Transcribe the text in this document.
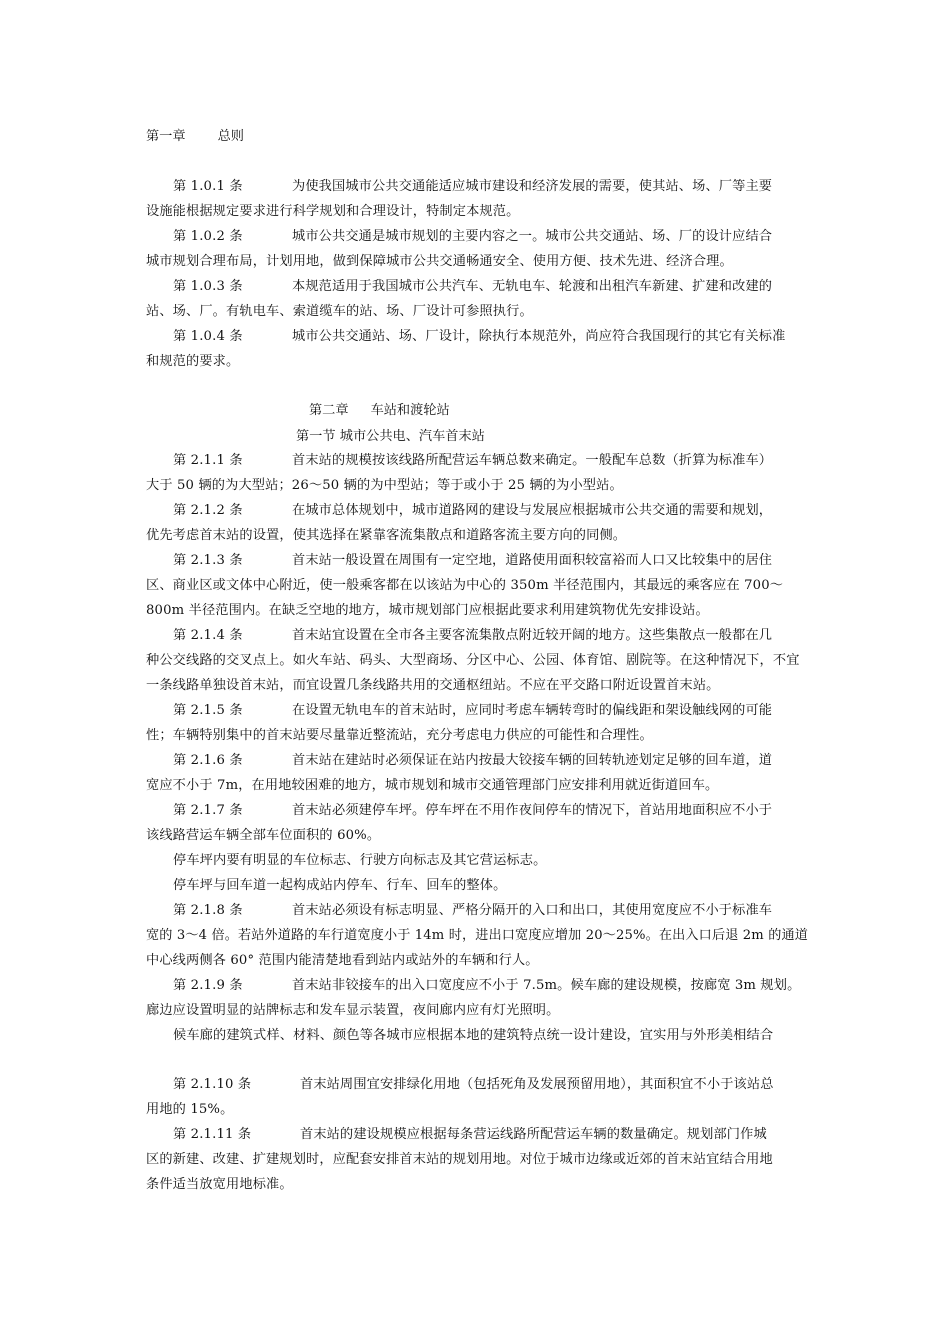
第一章 总则
第 1.0.1 条	为使我国城市公共交通能适应城市建设和经济发展的需要，使其站、场、厂等主要
设施能根据规定要求进行科学规划和合理设计，特制定本规范。
第 1.0.2 条	城市公共交通是城市规划的主要内容之一。城市公共交通站、场、厂的设计应结合
城市规划合理布局，计划用地，做到保障城市公共交通畅通安全、使用方便、技术先进、经济合理。
第 1.0.3 条	本规范适用于我国城市公共汽车、无轨电车、轮渡和出租汽车新建、扩建和改建的
站、场、厂。有轨电车、索道缆车的站、场、厂设计可参照执行。
第 1.0.4 条	城市公共交通站、场、厂设计，除执行本规范外，尚应符合我国现行的其它有关标准
和规范的要求。
第二章 车站和渡轮站
第一节 城市公共电、汽车首末站
第 2.1.1 条	首末站的规模按该线路所配营运车辆总数来确定。一般配车总数（折算为标准车）
大于 50 辆的为大型站；26～50 辆的为中型站；等于或小于 25 辆的为小型站。
第 2.1.2 条	在城市总体规划中，城市道路网的建设与发展应根据城市公共交通的需要和规划，
优先考虑首末站的设置，使其选择在紧靠客流集散点和道路客流主要方向的同侧。
第 2.1.3 条	首末站一般设置在周围有一定空地，道路使用面积较富裕而人口又比较集中的居住
区、商业区或文体中心附近，使一般乘客都在以该站为中心的 350m 半径范围内，其最远的乘客应在 700～
800m 半径范围内。在缺乏空地的地方，城市规划部门应根据此要求利用建筑物优先安排设站。
第 2.1.4 条	首末站宜设置在全市各主要客流集散点附近较开阔的地方。这些集散点一般都在几
种公交线路的交叉点上。如火车站、码头、大型商场、分区中心、公园、体育馆、剧院等。在这种情况下，不宜
一条线路单独设首末站，而宜设置几条线路共用的交通枢纽站。不应在平交路口附近设置首末站。
第 2.1.5 条	在设置无轨电车的首末站时，应同时考虑车辆转弯时的偏线距和架设触线网的可能
性；车辆特别集中的首末站要尽量靠近整流站，充分考虑电力供应的可能性和合理性。
第 2.1.6 条	首末站在建站时必须保证在站内按最大铰接车辆的回转轨迹划定足够的回车道，道
宽应不小于 7m，在用地较困难的地方，城市规划和城市交通管理部门应安排利用就近街道回车。
第 2.1.7 条	首末站必须建停车坪。停车坪在不用作夜间停车的情况下，首站用地面积应不小于
该线路营运车辆全部车位面积的 60%。
停车坪内要有明显的车位标志、行驶方向标志及其它营运标志。
停车坪与回车道一起构成站内停车、行车、回车的整体。
第 2.1.8 条	首末站必须设有标志明显、严格分隔开的入口和出口，其使用宽度应不小于标准车
宽的 3～4 倍。若站外道路的车行道宽度小于 14m 时，进出口宽度应增加 20～25%。在出入口后退 2m 的通道
中心线两侧各 60° 范围内能清楚地看到站内或站外的车辆和行人。
第 2.1.9 条	首末站非铰接车的出入口宽度应不小于 7.5m。候车廊的建设规模，按廊宽 3m 规划。
廊边应设置明显的站牌标志和发车显示装置，夜间廊内应有灯光照明。
候车廊的建筑式样、材料、颜色等各城市应根据本地的建筑特点统一设计建设，宜实用与外形美相结合
第 2.1.10 条	首末站周围宜安排绿化用地（包括死角及发展预留用地），其面积宜不小于该站总
用地的 15%。
第 2.1.11 条	首末站的建设规模应根据每条营运线路所配营运车辆的数量确定。规划部门作城
区的新建、改建、扩建规划时，应配套安排首末站的规划用地。对位于城市边缘或近郊的首末站宜结合用地
条件适当放宽用地标准。
